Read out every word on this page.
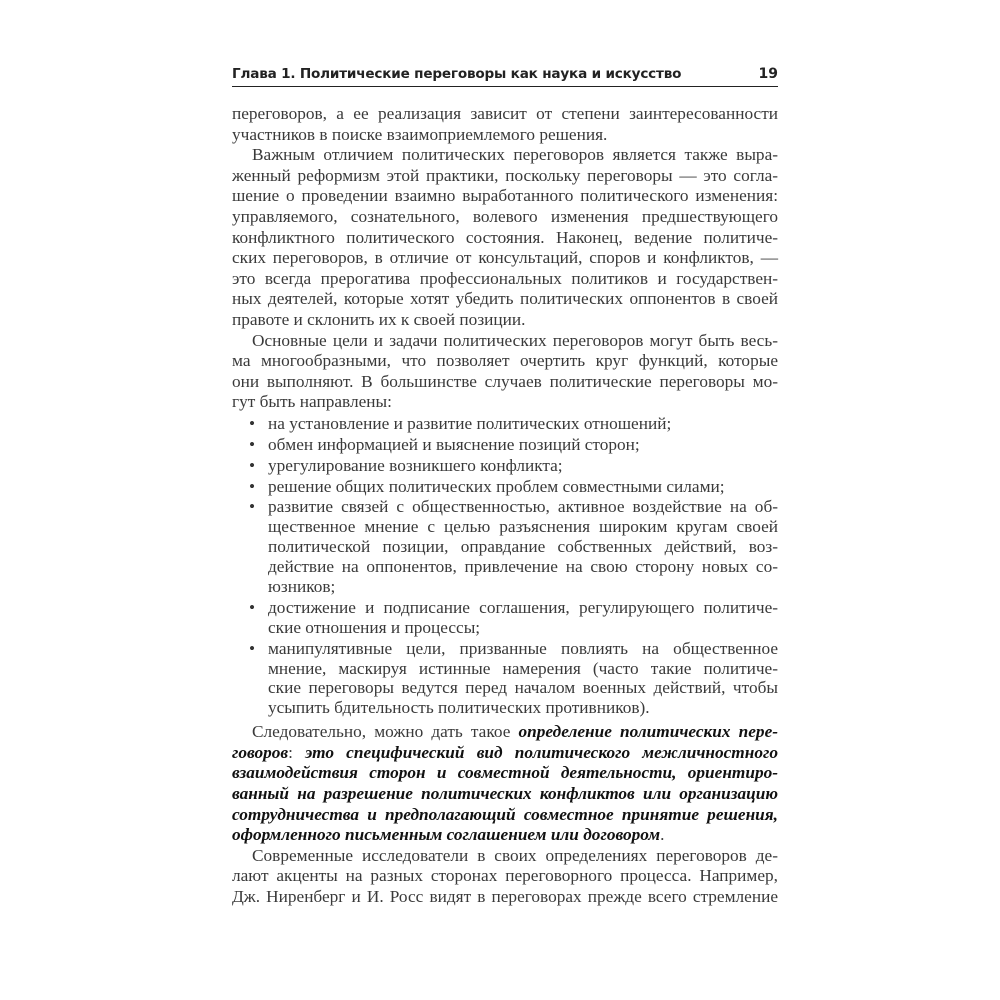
Глава 1. Политические переговоры как наука и искусство	19
переговоров, а ее реализация зависит от степени заинтересованности
участников в поиске взаимоприемлемого решения.
Важным отличием политических переговоров является также выра-
женный реформизм этой практики, поскольку переговоры — это согла-
шение о проведении взаимно выработанного политического изменения:
управляемого, сознательного, волевого изменения предшествующего
конфликтного политического состояния. Наконец, ведение политиче-
ских переговоров, в отличие от консультаций, споров и конфликтов, —
это всегда прерогатива профессиональных политиков и государствен-
ных деятелей, которые хотят убедить политических оппонентов в своей
правоте и склонить их к своей позиции.
Основные цели и задачи политических переговоров могут быть весь-
ма многообразными, что позволяет очертить круг функций, которые
они выполняют. В большинстве случаев политические переговоры мо-
гут быть направлены:
• на установление и развитие политических отношений;
• обмен информацией и выяснение позиций сторон;
• урегулирование возникшего конфликта;
• решение общих политических проблем совместными силами;
• развитие связей с общественностью, активное воздействие на об-
щественное мнение с целью разъяснения широким кругам своей
политической позиции, оправдание собственных действий, воз-
действие на оппонентов, привлечение на свою сторону новых со-
юзников;
• достижение и подписание соглашения, регулирующего политиче-
ские отношения и процессы;
• манипулятивные цели, призванные повлиять на общественное
мнение, маскируя истинные намерения (часто такие политиче-
ские переговоры ведутся перед началом военных действий, чтобы
усыпить бдительность политических противников).
Следовательно, можно дать такое определение политических пере-
говоров: это специфический вид политического межличностного
взаимодействия сторон и совместной деятельности, ориентиро-
ванный на разрешение политических конфликтов или организацию
сотрудничества и предполагающий совместное принятие решения,
оформленного письменным соглашением или договором.
Современные исследователи в своих определениях переговоров де-
лают акценты на разных сторонах переговорного процесса. Например,
Дж. Ниренберг и И. Росс видят в переговорах прежде всего стремление
